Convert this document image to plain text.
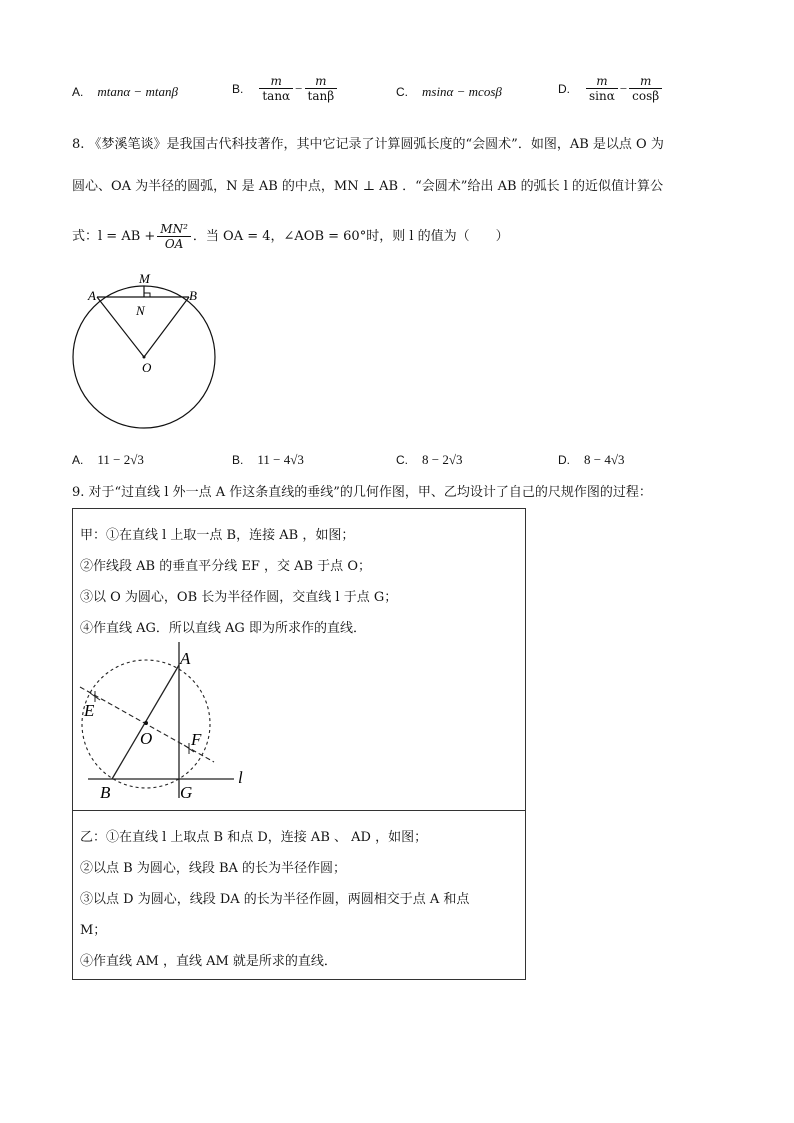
A. mtanα − mtanβ	B. $\frac{m}{\tan\alpha} - \frac{m}{\tan\beta}$	C. msinα − mcosβ	D. $\frac{m}{\sin\alpha} - \frac{m}{\cos\beta}$
8. 《梦溪笔谈》是我国古代科技著作，其中它记录了计算圆弧长度的“会圆术”．如图，AB 是以点 O 为
圆心、OA 为半径的圆弧，N 是 AB 的中点，MN ⊥ AB ．“会圆术”给出 AB 的弧长 l 的近似值计算公
式：l = AB + $\frac{\text{MN²}}{OA}$ ．当 OA = 4，∠AOB = 60°时，则 l 的值为（　　）
M
A	B
N
O
A. 11 − 2√3	B. 11 − 4√3	C. 8 − 2√3	D. 8 − 4√3
9. 对于“过直线 l 外一点 A 作这条直线的垂线”的几何作图，甲、乙均设计了自己的尺规作图的过程：
甲：①在直线 l 上取一点 B，连接 AB ，如图；
②作线段 AB 的垂直平分线 EF ，交 AB 于点 O；
③以 O 为圆心，OB 长为半径作圆，交直线 l 于点 G；
④作直线 AG．所以直线 AG 即为所求作的直线．
A
E
O F
l
B	G
乙：①在直线 l 上取点 B 和点 D，连接 AB 、 AD ，如图；
②以点 B 为圆心，线段 BA 的长为半径作圆；
③以点 D 为圆心，线段 DA 的长为半径作圆，两圆相交于点 A 和点
M；
④作直线 AM ，直线 AM 就是所求的直线．
